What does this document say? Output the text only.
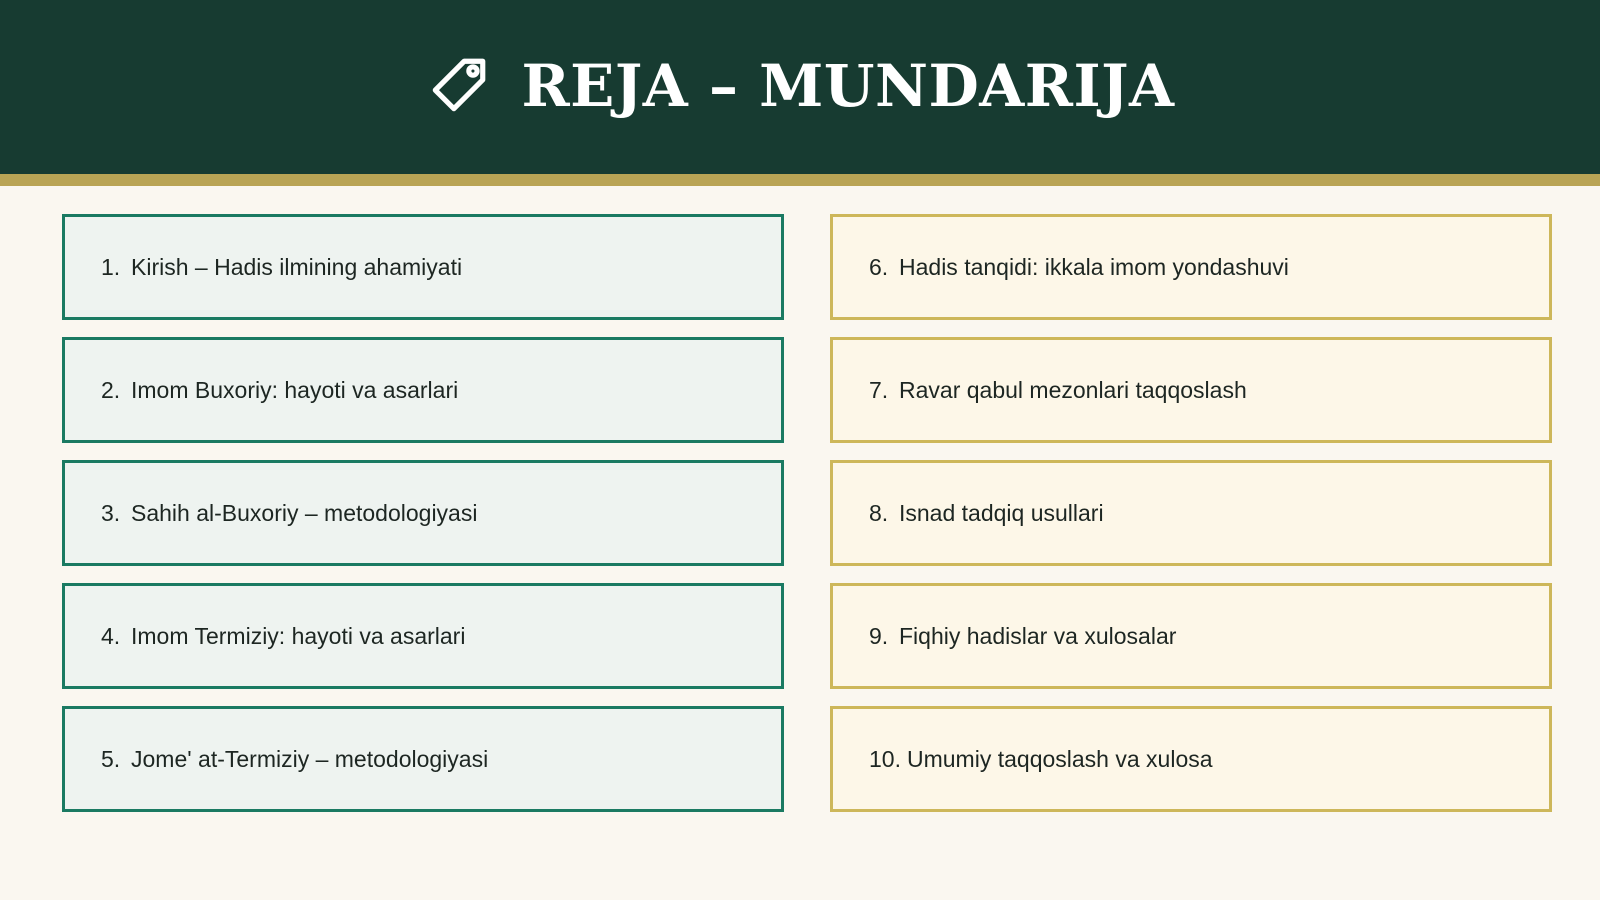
REJA – MUNDARIJA
1. Kirish – Hadis ilmining ahamiyati
2. Imom Buxoriy: hayoti va asarlari
3. Sahih al-Buxoriy – metodologiyasi
4. Imom Termiziy: hayoti va asarlari
5. Jome' at-Termiziy – metodologiyasi
6. Hadis tanqidi: ikkala imom yondashuvi
7. Ravar qabul mezonlari taqqoslash
8. Isnad tadqiq usullari
9. Fiqhiy hadislar va xulosalar
10. Umumiy taqqoslash va xulosa
